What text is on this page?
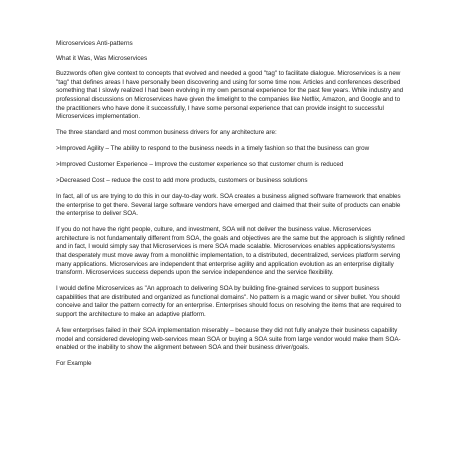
Microservices Anti-patterns
What it Was, Was Microservices

Buzzwords often give context to concepts that evolved and needed a good "tag" to facilitate dialogue. Microservices is a new "tag" that defines areas I have personally been discovering and using for some time now. Articles and conferences described something that I slowly realized I had been evolving in my own personal experience for the past few years. While industry and professional discussions on Microservices have given the limelight to the companies like Netflix, Amazon, and Google and to the practitioners who have done it successfully, I have some personal experience that can provide insight to successful Microservices implementation.

The three standard and most common business drivers for any architecture are:

>Improved Agility – The ability to respond to the business needs in a timely fashion so that the business can grow

>Improved Customer Experience – Improve the customer experience so that customer churn is reduced

>Decreased Cost – reduce the cost to add more products, customers or business solutions

In fact, all of us are trying to do this in our day-to-day work. SOA creates a business aligned software framework that enables the enterprise to get there. Several large software vendors have emerged and claimed that their suite of products can enable the enterprise to deliver SOA.

If you do not have the right people, culture, and investment, SOA will not deliver the business value. Microservices architecture is not fundamentally different from SOA, the goals and objectives are the same but the approach is slightly refined and in fact, I would simply say that Microservices is mere SOA made scalable. Microservices enables applications/systems that desperately must move away from a monolithic implementation, to a distributed, decentralized, services platform serving many applications. Microservices are independent that enterprise agility and application evolution as an enterprise digitally transform. Microservices success depends upon the service independence and the service flexibility.

I would define Microservices as "An approach to delivering SOA by building fine-grained services to support business capabilities that are distributed and organized as functional domains". No pattern is a magic wand or silver bullet. You should conceive and tailor the pattern correctly for an enterprise. Enterprises should focus on resolving the items that are required to support the architecture to make an adaptive platform.

A few enterprises failed in their SOA implementation miserably – because they did not fully analyze their business capability model and considered developing web-services mean SOA or buying a SOA suite from large vendor would make them SOA-enabled or the inability to show the alignment between SOA and their business driver/goals.

For Example
